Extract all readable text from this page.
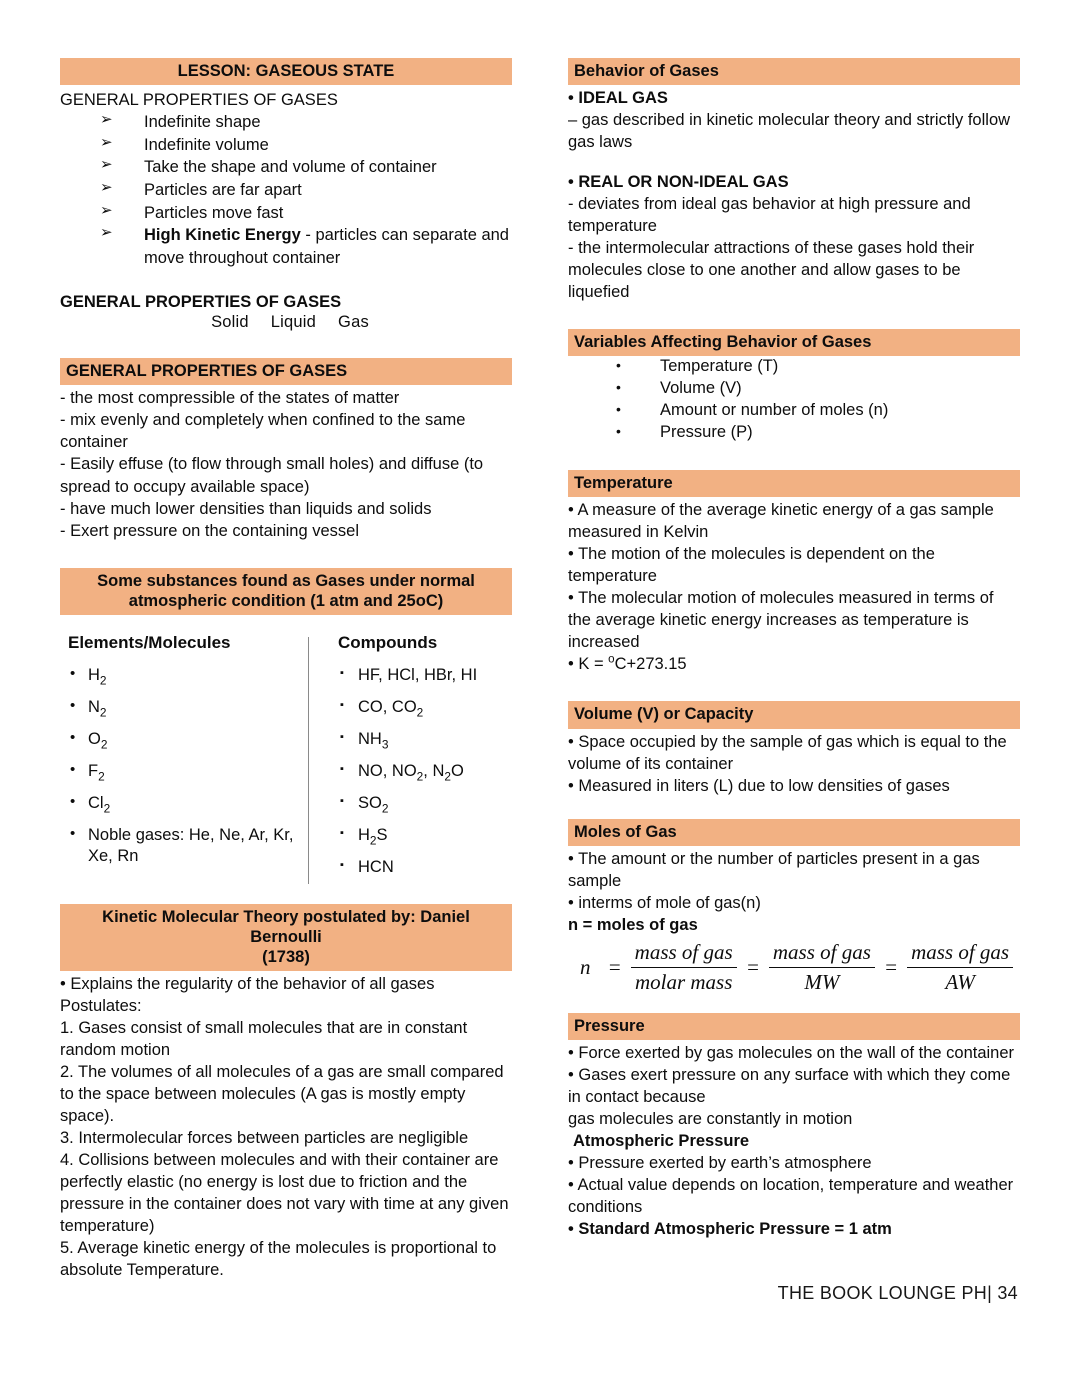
LESSON: GASEOUS STATE
GENERAL PROPERTIES OF GASES
➢ Indefinite shape
➢ Indefinite volume
➢ Take the shape and volume of container
➢ Particles are far apart
➢ Particles move fast
➢ High Kinetic Energy - particles can separate and move throughout container
GENERAL PROPERTIES OF GASES
Solid Liquid Gas
GENERAL PROPERTIES OF GASES

- the most compressible of the states of matter

- mix evenly and completely when confined to the same container

- Easily effuse (to flow through small holes) and diffuse (to spread to occupy available space)

- have much lower densities than liquids and solids

- Exert pressure on the containing vessel

Some substances found as Gases under normal
atmospheric condition (1 atm and 25oC)
Elements/Molecules
• $H_2$
• $N_2$
• $O_2$
• $F_2$
• $Cl_2$
• Noble gases: He, Ne, Ar, Kr, Xe, Rn
Compounds
▪ HF, HCl, HBr, HI
▪ CO, $CO_2$
▪ $NH_3$
▪ NO, $NO_2$, $N_2O$
▪ $SO_2$
▪ $H_2S$
▪ HCN
Kinetic Molecular Theory postulated by: Daniel Bernoulli
(1738)

• Explains the regularity of the behavior of all gases

Postulates:

1. Gases consist of small molecules that are in constant random motion

2. The volumes of all molecules of a gas are small compared to the space between molecules (A gas is mostly empty space).

3. Intermolecular forces between particles are negligible

4. Collisions between molecules and with their container are perfectly elastic (no energy is lost due to friction and the pressure in the container does not vary with time at any given temperature)

5. Average kinetic energy of the molecules is proportional to absolute Temperature.

Behavior of Gases

• IDEAL GAS

– gas described in kinetic molecular theory and strictly follow gas laws

• REAL OR NON-IDEAL GAS

- deviates from ideal gas behavior at high pressure and temperature

- the intermolecular attractions of these gases hold their molecules close to one another and allow gases to be liquefied

Variables Affecting Behavior of Gases
• Temperature (T)
• Volume (V)
• Amount or number of moles (n)
• Pressure (P)
Temperature

• A measure of the average kinetic energy of a gas sample measured in Kelvin

• The motion of the molecules is dependent on the temperature

• The molecular motion of molecules measured in terms of the average kinetic energy increases as temperature is increased

• K = $^o$C+273.15

Volume (V) or Capacity

• Space occupied by the sample of gas which is equal to the volume of its container

• Measured in liters (L) due to low densities of gases

Moles of Gas

• The amount or the number of particles present in a gas sample

• interms of mole of gas(n)

n = moles of gas

$n = \frac{\text{mass of gas}}{\text{molar mass}} = \frac{\text{mass of gas}}{MW} = \frac{\text{mass of gas}}{AW}$
Pressure

• Force exerted by gas molecules on the wall of the container

• Gases exert pressure on any surface with which they come in contact because

gas molecules are constantly in motion

Atmospheric Pressure

• Pressure exerted by earth’s atmosphere

• Actual value depends on location, temperature and weather conditions

• Standard Atmospheric Pressure = 1 atm

THE BOOK LOUNGE PH| 34
